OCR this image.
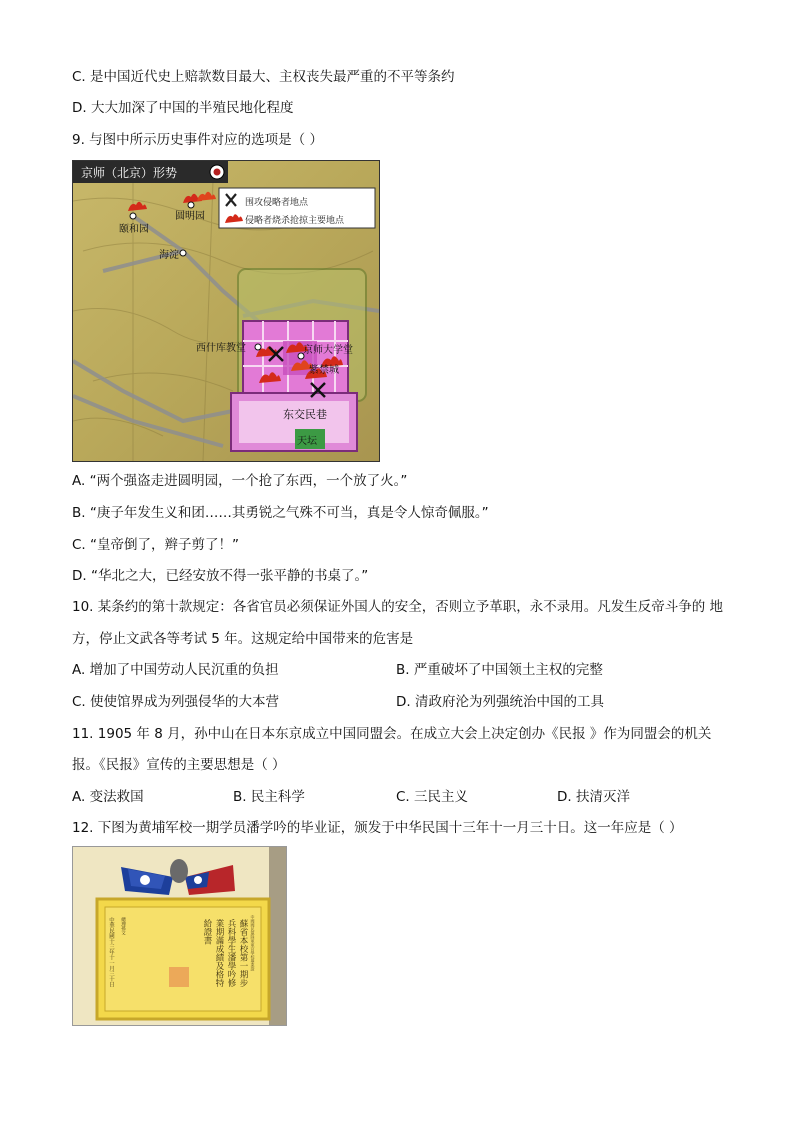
C. 是中国近代史上赔款数目最大、主权丧失最严重的不平等条约
D. 大大加深了中国的半殖民地化程度
9. 与图中所示历史事件对应的选项是（ ）
京师（北京）形势
围攻侵略者地点
侵略者烧杀抢掠主要地点
颐和园
圆明园
海淀
西什库教堂	京师大学堂
紫禁城
东交民巷
天坛
A. “两个强盗走进圆明园，一个抢了东西，一个放了火。”
B. “庚子年发生义和团……其勇锐之气殊不可当，真是令人惊奇佩服。”
C. “皇帝倒了，辫子剪了！”
D. “华北之大，已经安放不得一张平静的书桌了。”
10. 某条约的第十款规定：各省官员必须保证外国人的安全，否则立予革职，永不录用。凡发生反帝斗争的 地
方，停止文武各等考试 5 年。这规定给中国带来的危害是
A. 增加了中国劳动人民沉重的负担	B. 严重破坏了中国领土主权的完整
C. 使使馆界成为列强侵华的大本营	D. 清政府沦为列强统治中国的工具
11. 1905 年 8 月，孙中山在日本东京成立中国同盟会。在成立大会上决定创办《民报 》作为同盟会的机关
报。《民报》宣传的主要思想是（ ）
A. 变法救国	B. 民主科学	C. 三民主义	D. 扶清灭洋
12. 下图为黄埔军校一期学员潘学吟的毕业证，颁发于中华民国十三年十一月三十日。这一年应是（ ）
中國國民黨陸軍軍官學校畢業證
蘇省本校第一期步
兵科學生潘學吟修
業期滿成績及格特
給證書
總理孫文
中華民國十三年十一月三十日
